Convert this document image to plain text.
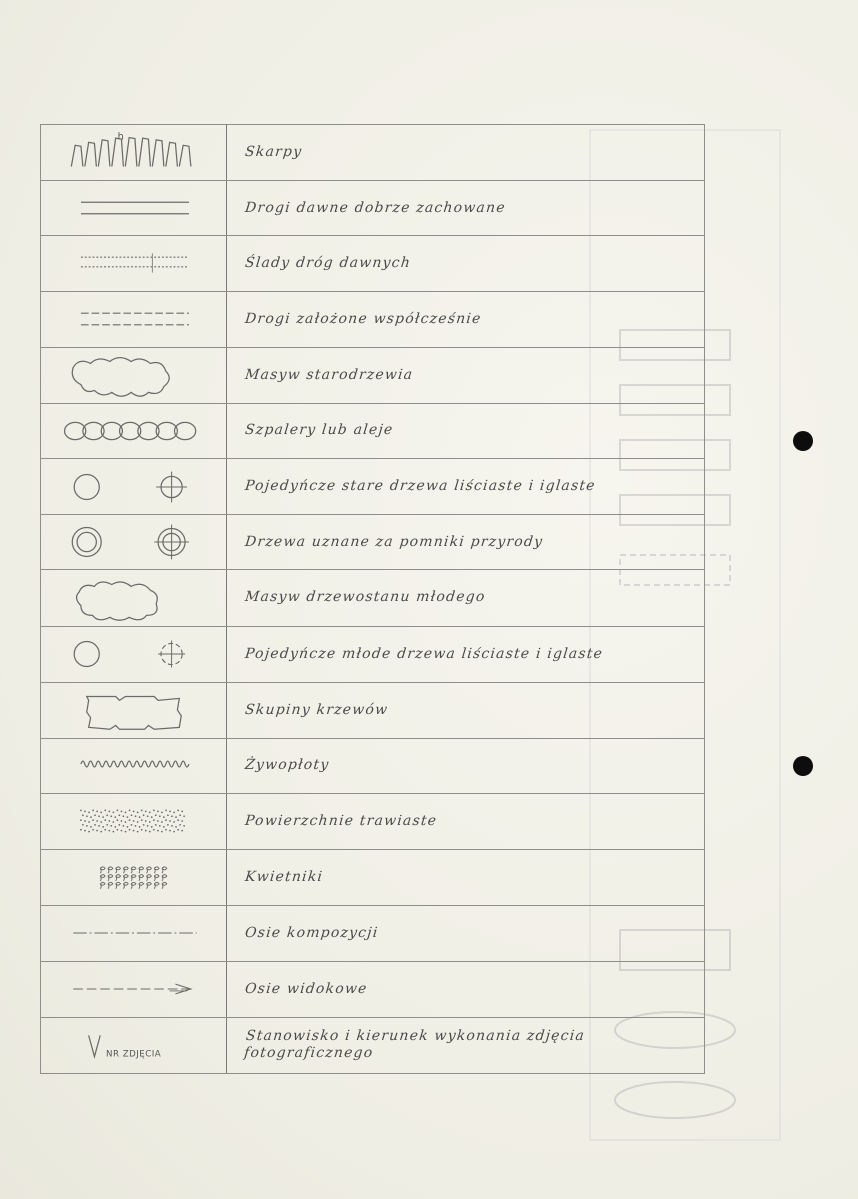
h	Skarpy

	Drogi dawne dobrze zachowane

	Ślady dróg dawnych

	Drogi założone współcześnie

	Masyw starodrzewia

	Szpalery lub aleje

	Pojedyńcze stare drzewa liściaste i iglaste

	Drzewa uznane za pomniki przyrody

	Masyw drzewostanu młodego

	Pojedyńcze młode drzewa liściaste i iglaste

	Skupiny krzewów

	Żywopłoty

	Powierzchnie trawiaste

	Kwietniki

	Osie kompozycji

	Osie widokowe

NR ZDJĘCIA	Stanowisko i kierunek wykonania zdjęcia fotograficznego
